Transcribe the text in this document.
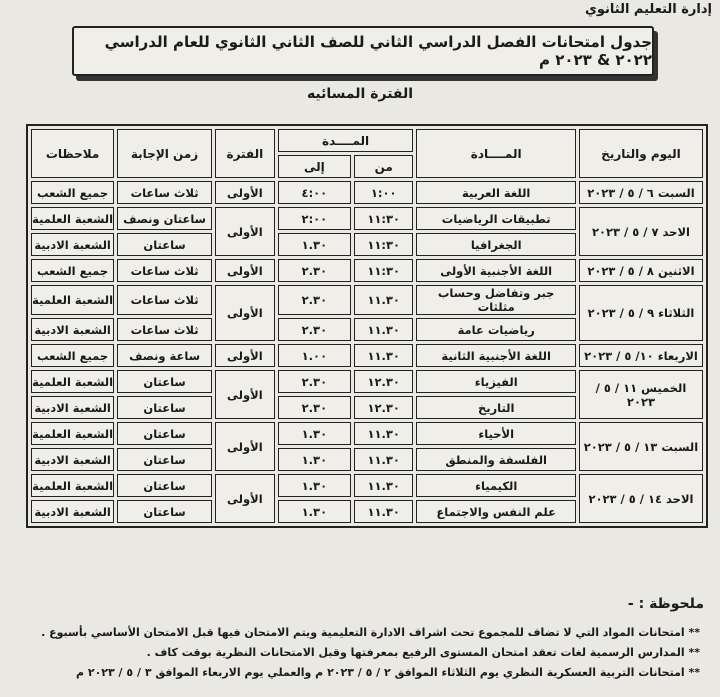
إدارة التعليم الثانوي
جدول امتحانات الفصل الدراسي الثاني للصف الثاني الثانوي للعام الدراسي ٢٠٢٢ & ٢٠٢٣ م
الفترة المسائيه
اليوم والتاريخ	المــــادة	المــــدة		الفترة	زمن الإجابة	ملاحظات
		من	إلى			
السبت ٦ / ٥ / ٢٠٢٣	اللغة العربية	١:٠٠	٤:٠٠	الأولى	ثلاث ساعات	جميع الشعب
الاحد ٧ / ٥ / ٢٠٢٣	تطبيقات الرياضيات	١١:٣٠	٢:٠٠	الأولى	ساعتان ونصف	الشعبة العلمية
	الجغرافيا	١١:٣٠	١.٣٠		ساعتان	الشعبة الادبية
الاثنين ٨ / ٥ / ٢٠٢٣	اللغة الأجنبية الأولى	١١:٣٠	٢.٣٠	الأولى	ثلاث ساعات	جميع الشعب
الثلاثاء ٩ / ٥ / ٢٠٢٣	جبر وتفاضل وحساب مثلثات	١١.٣٠	٢.٣٠	الأولى	ثلاث ساعات	الشعبة العلمية
	رياضيات عامة	١١.٣٠	٢.٣٠		ثلاث ساعات	الشعبة الادبية
الاربعاء ١٠/ ٥ / ٢٠٢٣	اللغة الأجنبية الثانية	١١.٣٠	١.٠٠	الأولى	ساعة ونصف	جميع الشعب
الخميس ١١ / ٥ / ٢٠٢٣	الفيزياء	١٢.٣٠	٢.٣٠	الأولى	ساعتان	الشعبة العلمية
	التاريخ	١٢.٣٠	٢.٣٠		ساعتان	الشعبة الادبية
السبت ١٣ / ٥ / ٢٠٢٣	الأحياء	١١.٣٠	١.٣٠	الأولى	ساعتان	الشعبة العلمية
	الفلسفة والمنطق	١١.٣٠	١.٣٠		ساعتان	الشعبة الادبية
الاحد ١٤ / ٥ / ٢٠٢٣	الكيمياء	١١.٣٠	١.٣٠	الأولى	ساعتان	الشعبة العلمية
	علم النفس والاجتماع	١١.٣٠	١.٣٠		ساعتان	الشعبة الادبية
ملحوظة : -
** امتحانات المواد التي لا تضاف للمجموع تحت اشراف الادارة التعليمية ويتم الامتحان فيها قبل الامتحان الأساسي بأسبوع .
** المدارس الرسمية لغات تعقد امتحان المستوى الرفيع بمعرفتها وقبل الامتحانات النظرية بوقت كاف .
** امتحانات التربية العسكرية النظري يوم الثلاثاء الموافق ٢ / ٥ / ٢٠٢٣ م والعملي يوم الاربعاء الموافق ٣ / ٥ / ٢٠٢٣ م
